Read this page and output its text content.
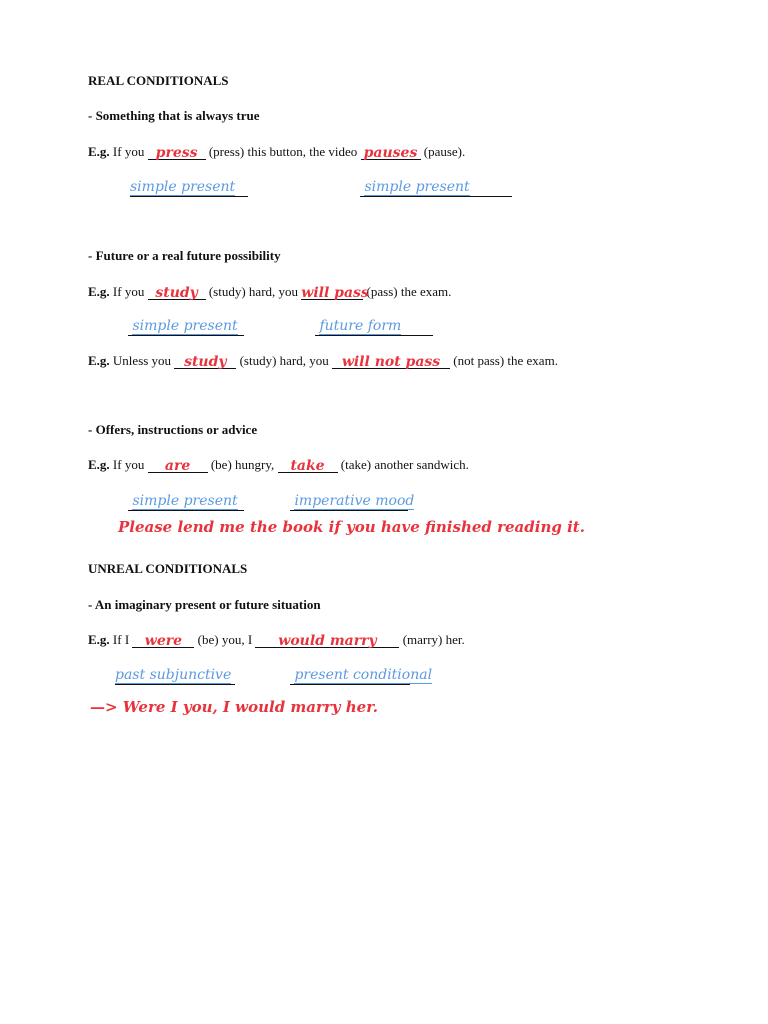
REAL CONDITIONALS
- Something that is always true
E.g. If you press (press) this button, the video pauses (pause).
simple present	simple present
- Future or a real future possibility
E.g. If you study (study) hard, you will pass (pass) the exam.
simple present	future form
E.g. Unless you study (study) hard, you will not pass (not pass) the exam.
- Offers, instructions or advice
E.g. If you are (be) hungry, take (take) another sandwich.
simple present	imperative mood
Please lend me the book if you have finished reading it.
UNREAL CONDITIONALS
- An imaginary present or future situation
E.g. If I were (be) you, I would marry (marry) her.
past subjunctive	present conditional
—> Were I you, I would marry her.
